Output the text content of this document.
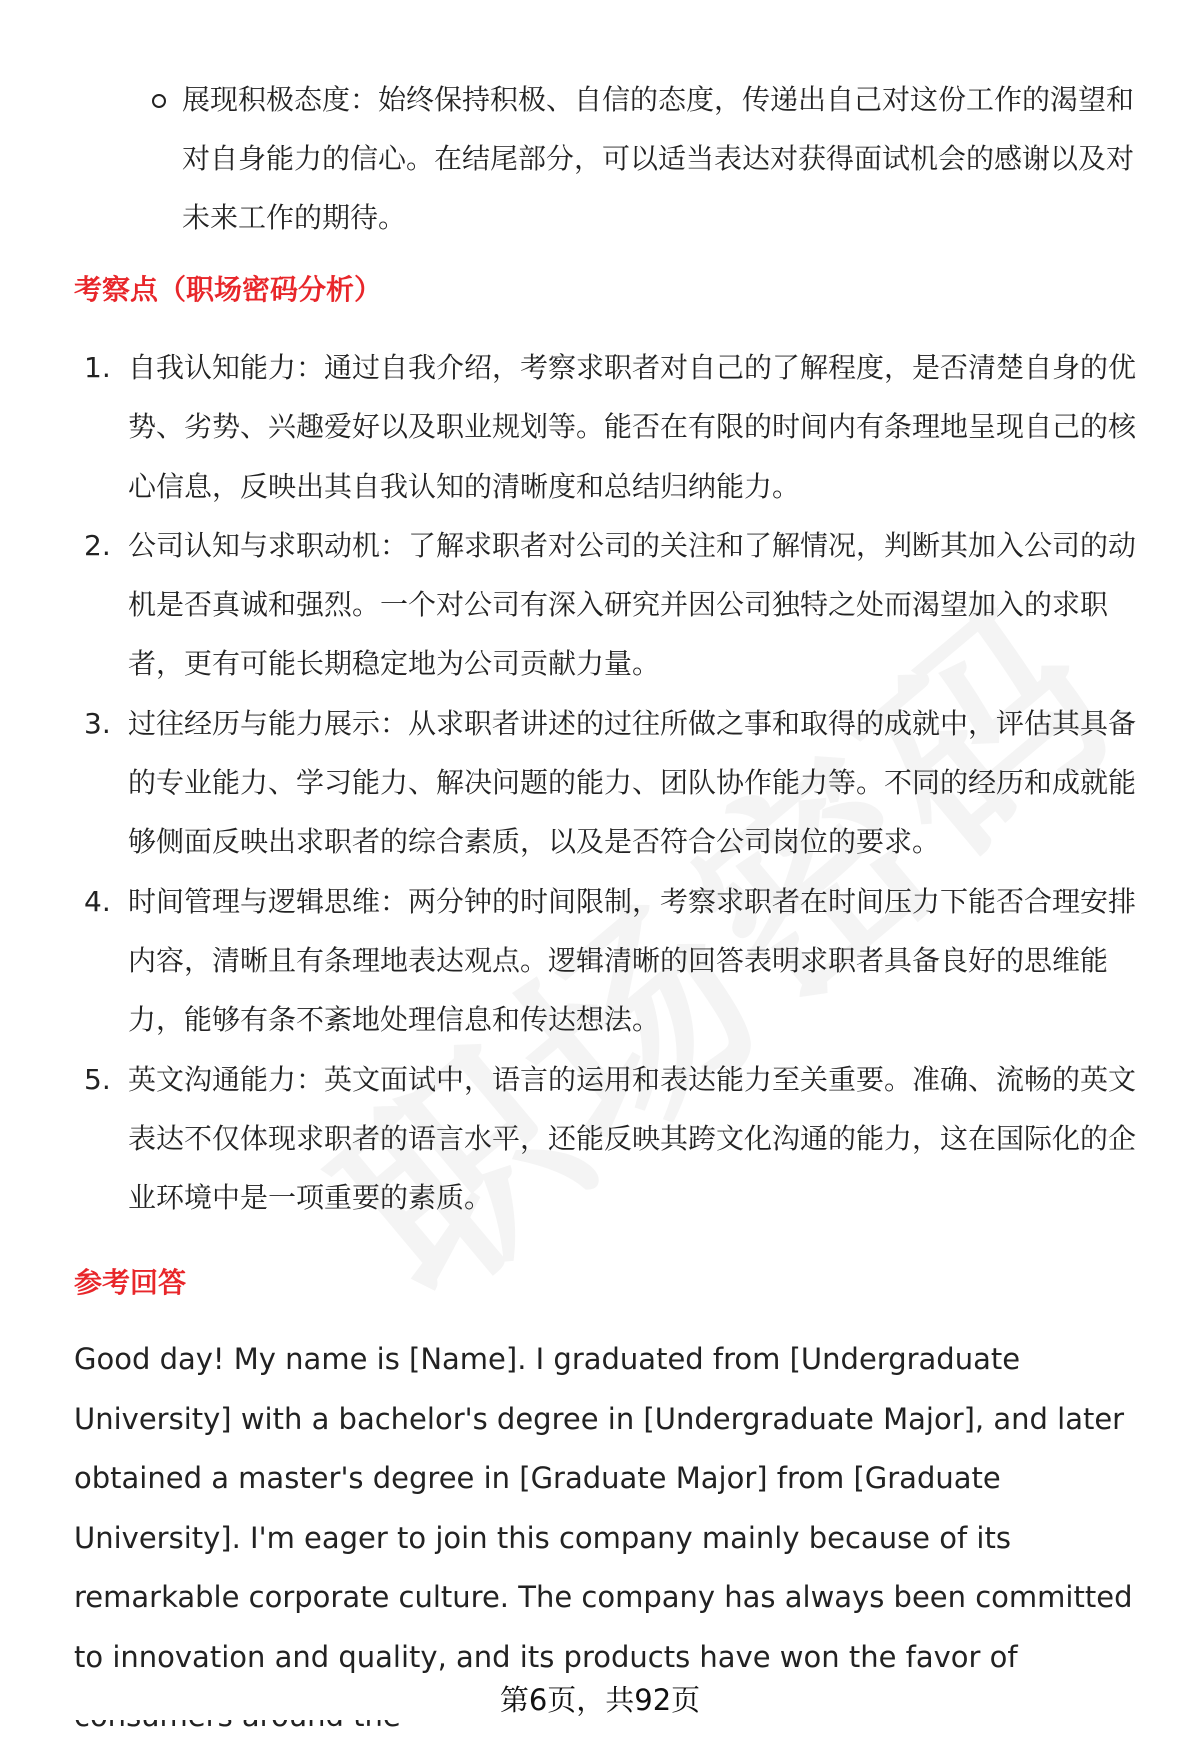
展现积极态度：始终保持积极、自信的态度，传递出自己对这份工作的渴望和对自身能力的信心。在结尾部分，可以适当表达对获得面试机会的感谢以及对未来工作的期待。
考察点（职场密码分析）
1. 自我认知能力：通过自我介绍，考察求职者对自己的了解程度，是否清楚自身的优势、劣势、兴趣爱好以及职业规划等。能否在有限的时间内有条理地呈现自己的核心信息，反映出其自我认知的清晰度和总结归纳能力。
2. 公司认知与求职动机：了解求职者对公司的关注和了解情况，判断其加入公司的动机是否真诚和强烈。一个对公司有深入研究并因公司独特之处而渴望加入的求职者，更有可能长期稳定地为公司贡献力量。
3. 过往经历与能力展示：从求职者讲述的过往所做之事和取得的成就中，评估其具备的专业能力、学习能力、解决问题的能力、团队协作能力等。不同的经历和成就能够侧面反映出求职者的综合素质，以及是否符合公司岗位的要求。
4. 时间管理与逻辑思维：两分钟的时间限制，考察求职者在时间压力下能否合理安排内容，清晰且有条理地表达观点。逻辑清晰的回答表明求职者具备良好的思维能力，能够有条不紊地处理信息和传达想法。
5. 英文沟通能力：英文面试中，语言的运用和表达能力至关重要。准确、流畅的英文表达不仅体现求职者的语言水平，还能反映其跨文化沟通的能力，这在国际化的企业环境中是一项重要的素质。
参考回答
Good day! My name is [Name]. I graduated from [Undergraduate University] with a bachelor's degree in [Undergraduate Major], and later obtained a master's degree in [Graduate Major] from [Graduate University]. I'm eager to join this company mainly because of its remarkable corporate culture. The company has always been committed to innovation and quality, and its products have won the favor of
第6页，共92页
